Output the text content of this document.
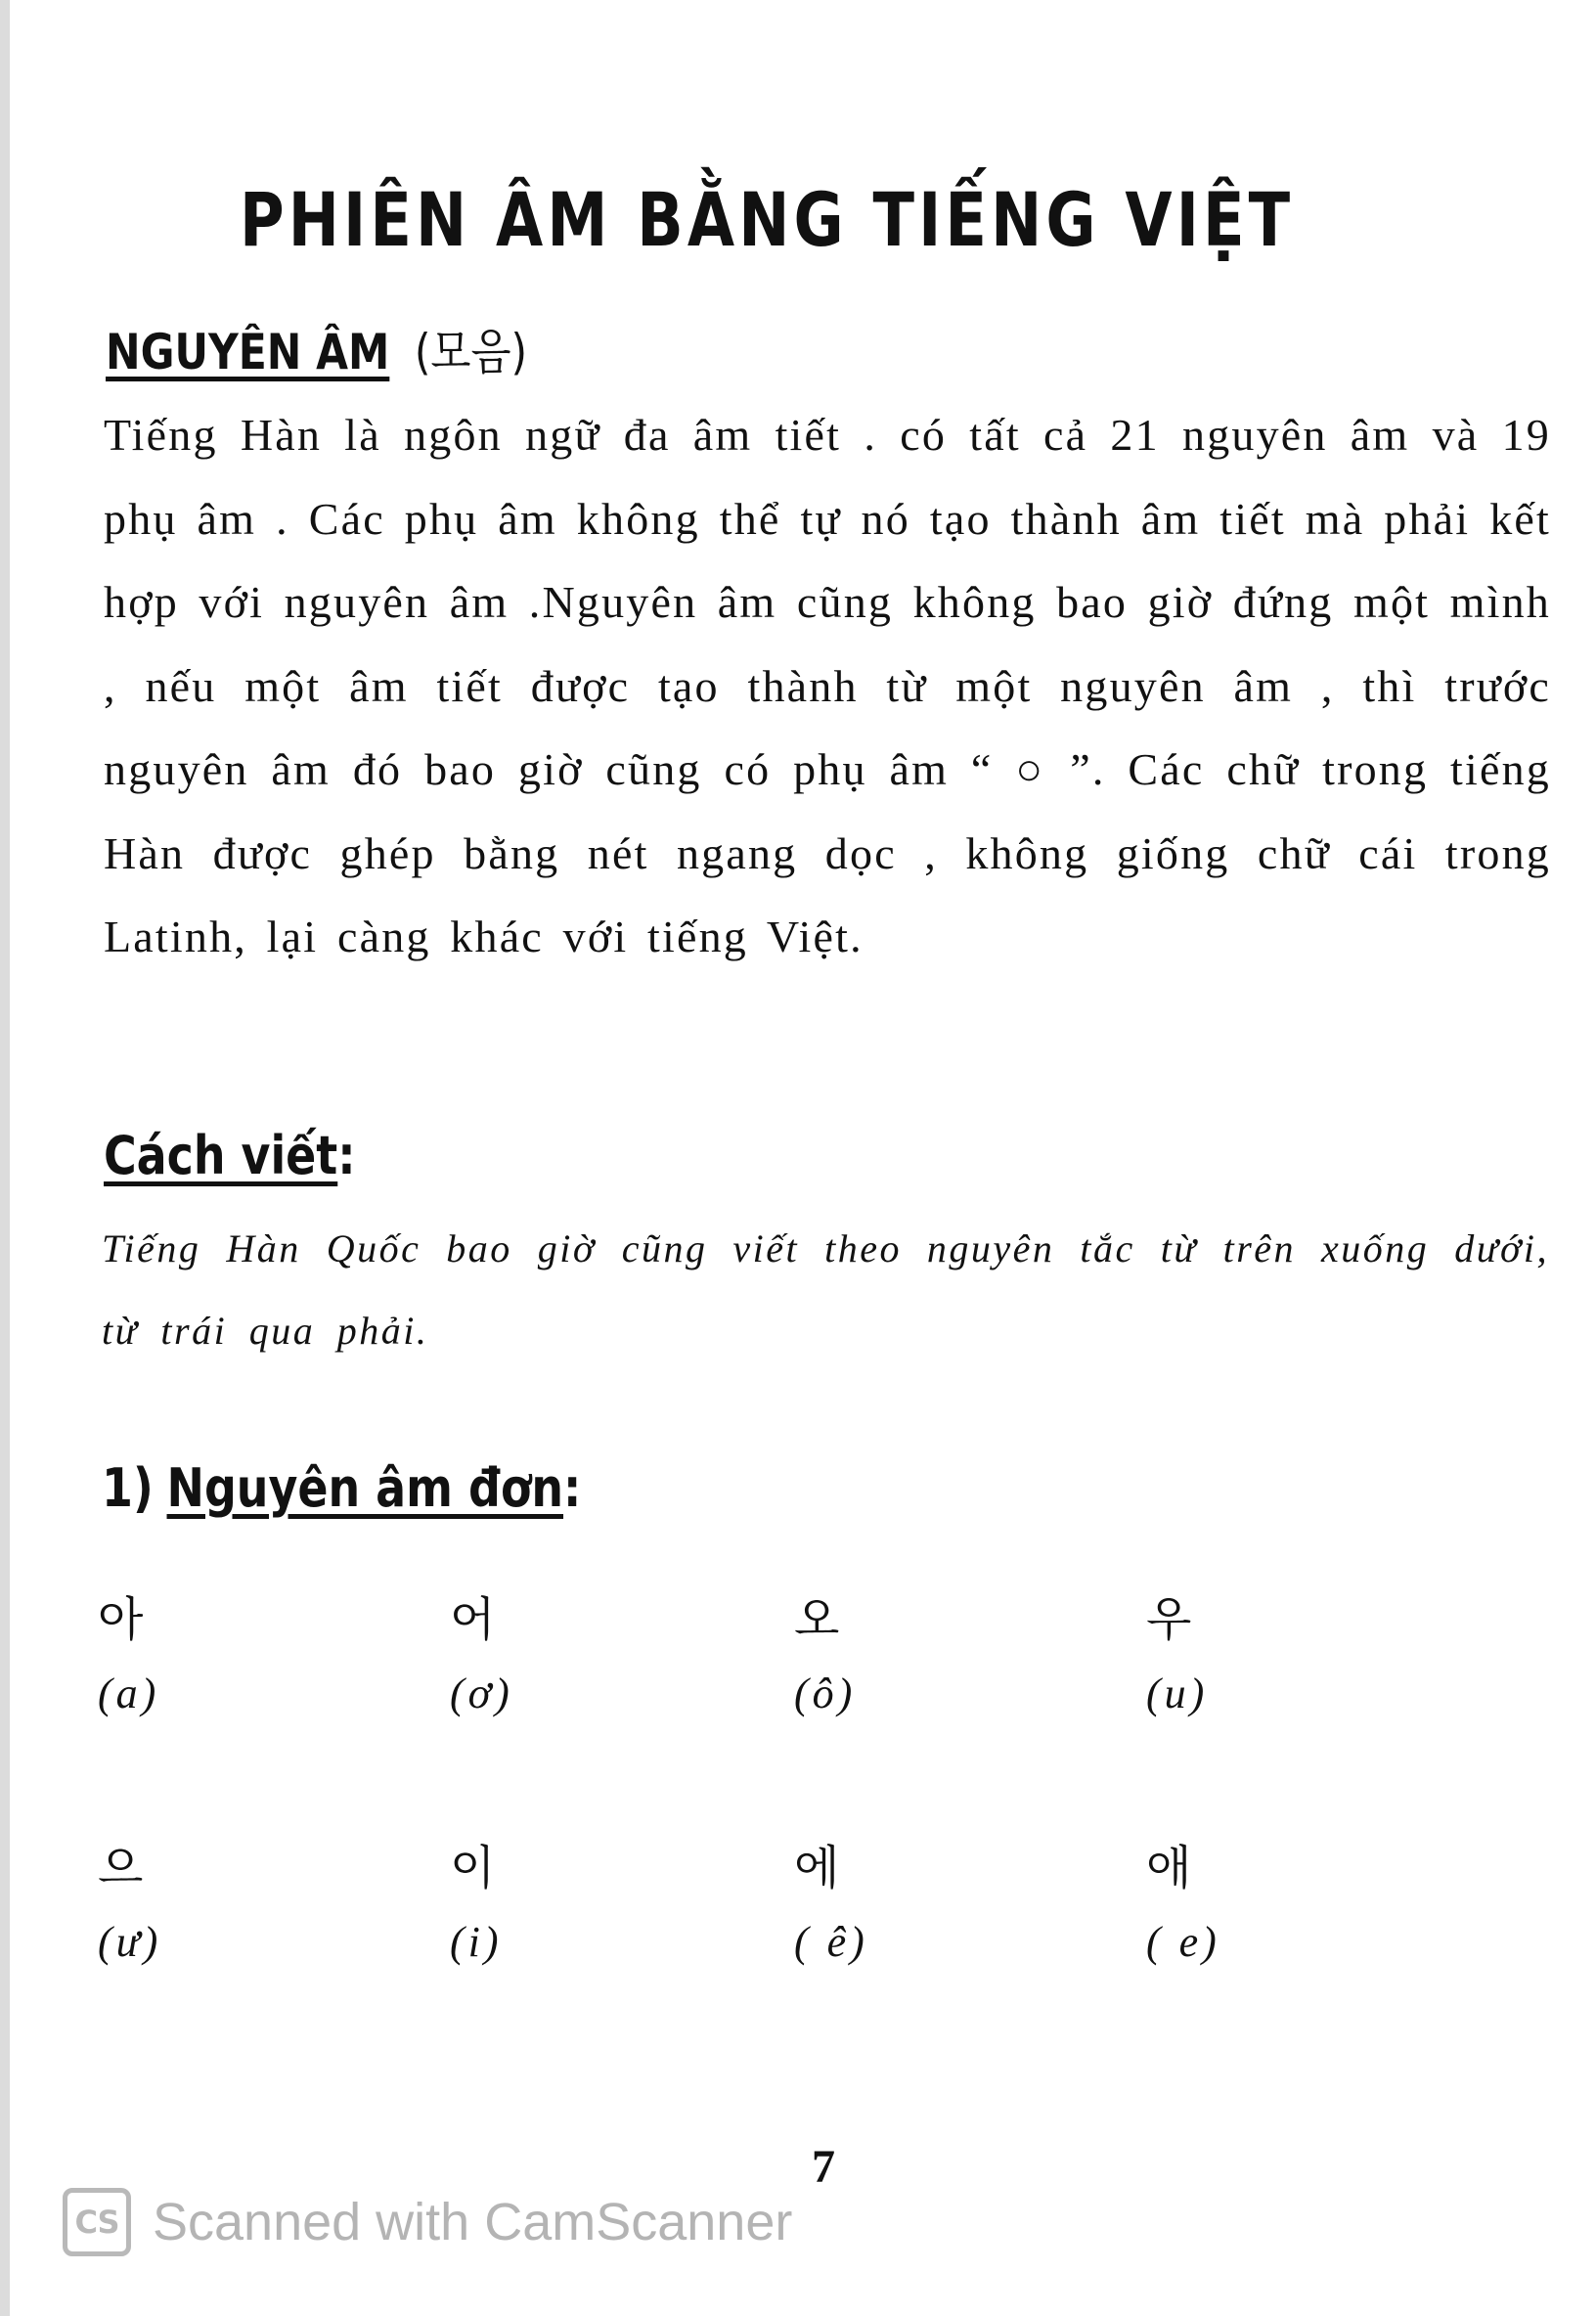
PHIÊN ÂM BẰNG TIẾNG VIỆT
NGUYÊN ÂM (모음)
Tiếng Hàn là ngôn ngữ đa âm tiết . có tất cả 21 nguyên âm và 19 phụ âm . Các phụ âm không thể tự nó tạo thành âm tiết mà phải kết hợp với nguyên âm .Nguyên âm cũng không bao giờ đứng một mình , nếu một âm tiết được tạo thành từ một nguyên âm , thì trước nguyên âm đó bao giờ cũng có phụ âm “ ○ ”. Các chữ trong tiếng Hàn được ghép bằng nét ngang dọc , không giống chữ cái trong Latinh, lại càng khác với tiếng Việt.
Cách viết:
Tiếng Hàn Quốc bao giờ cũng viết theo nguyên tắc từ trên xuống dưới, từ trái qua phải.
1) Nguyên âm đơn:
아
(a)
어
(ơ)
오
(ô)
우
(u)
으
(ư)
이
(i)
에
( ê)
애
( e)
7
CS Scanned with CamScanner
